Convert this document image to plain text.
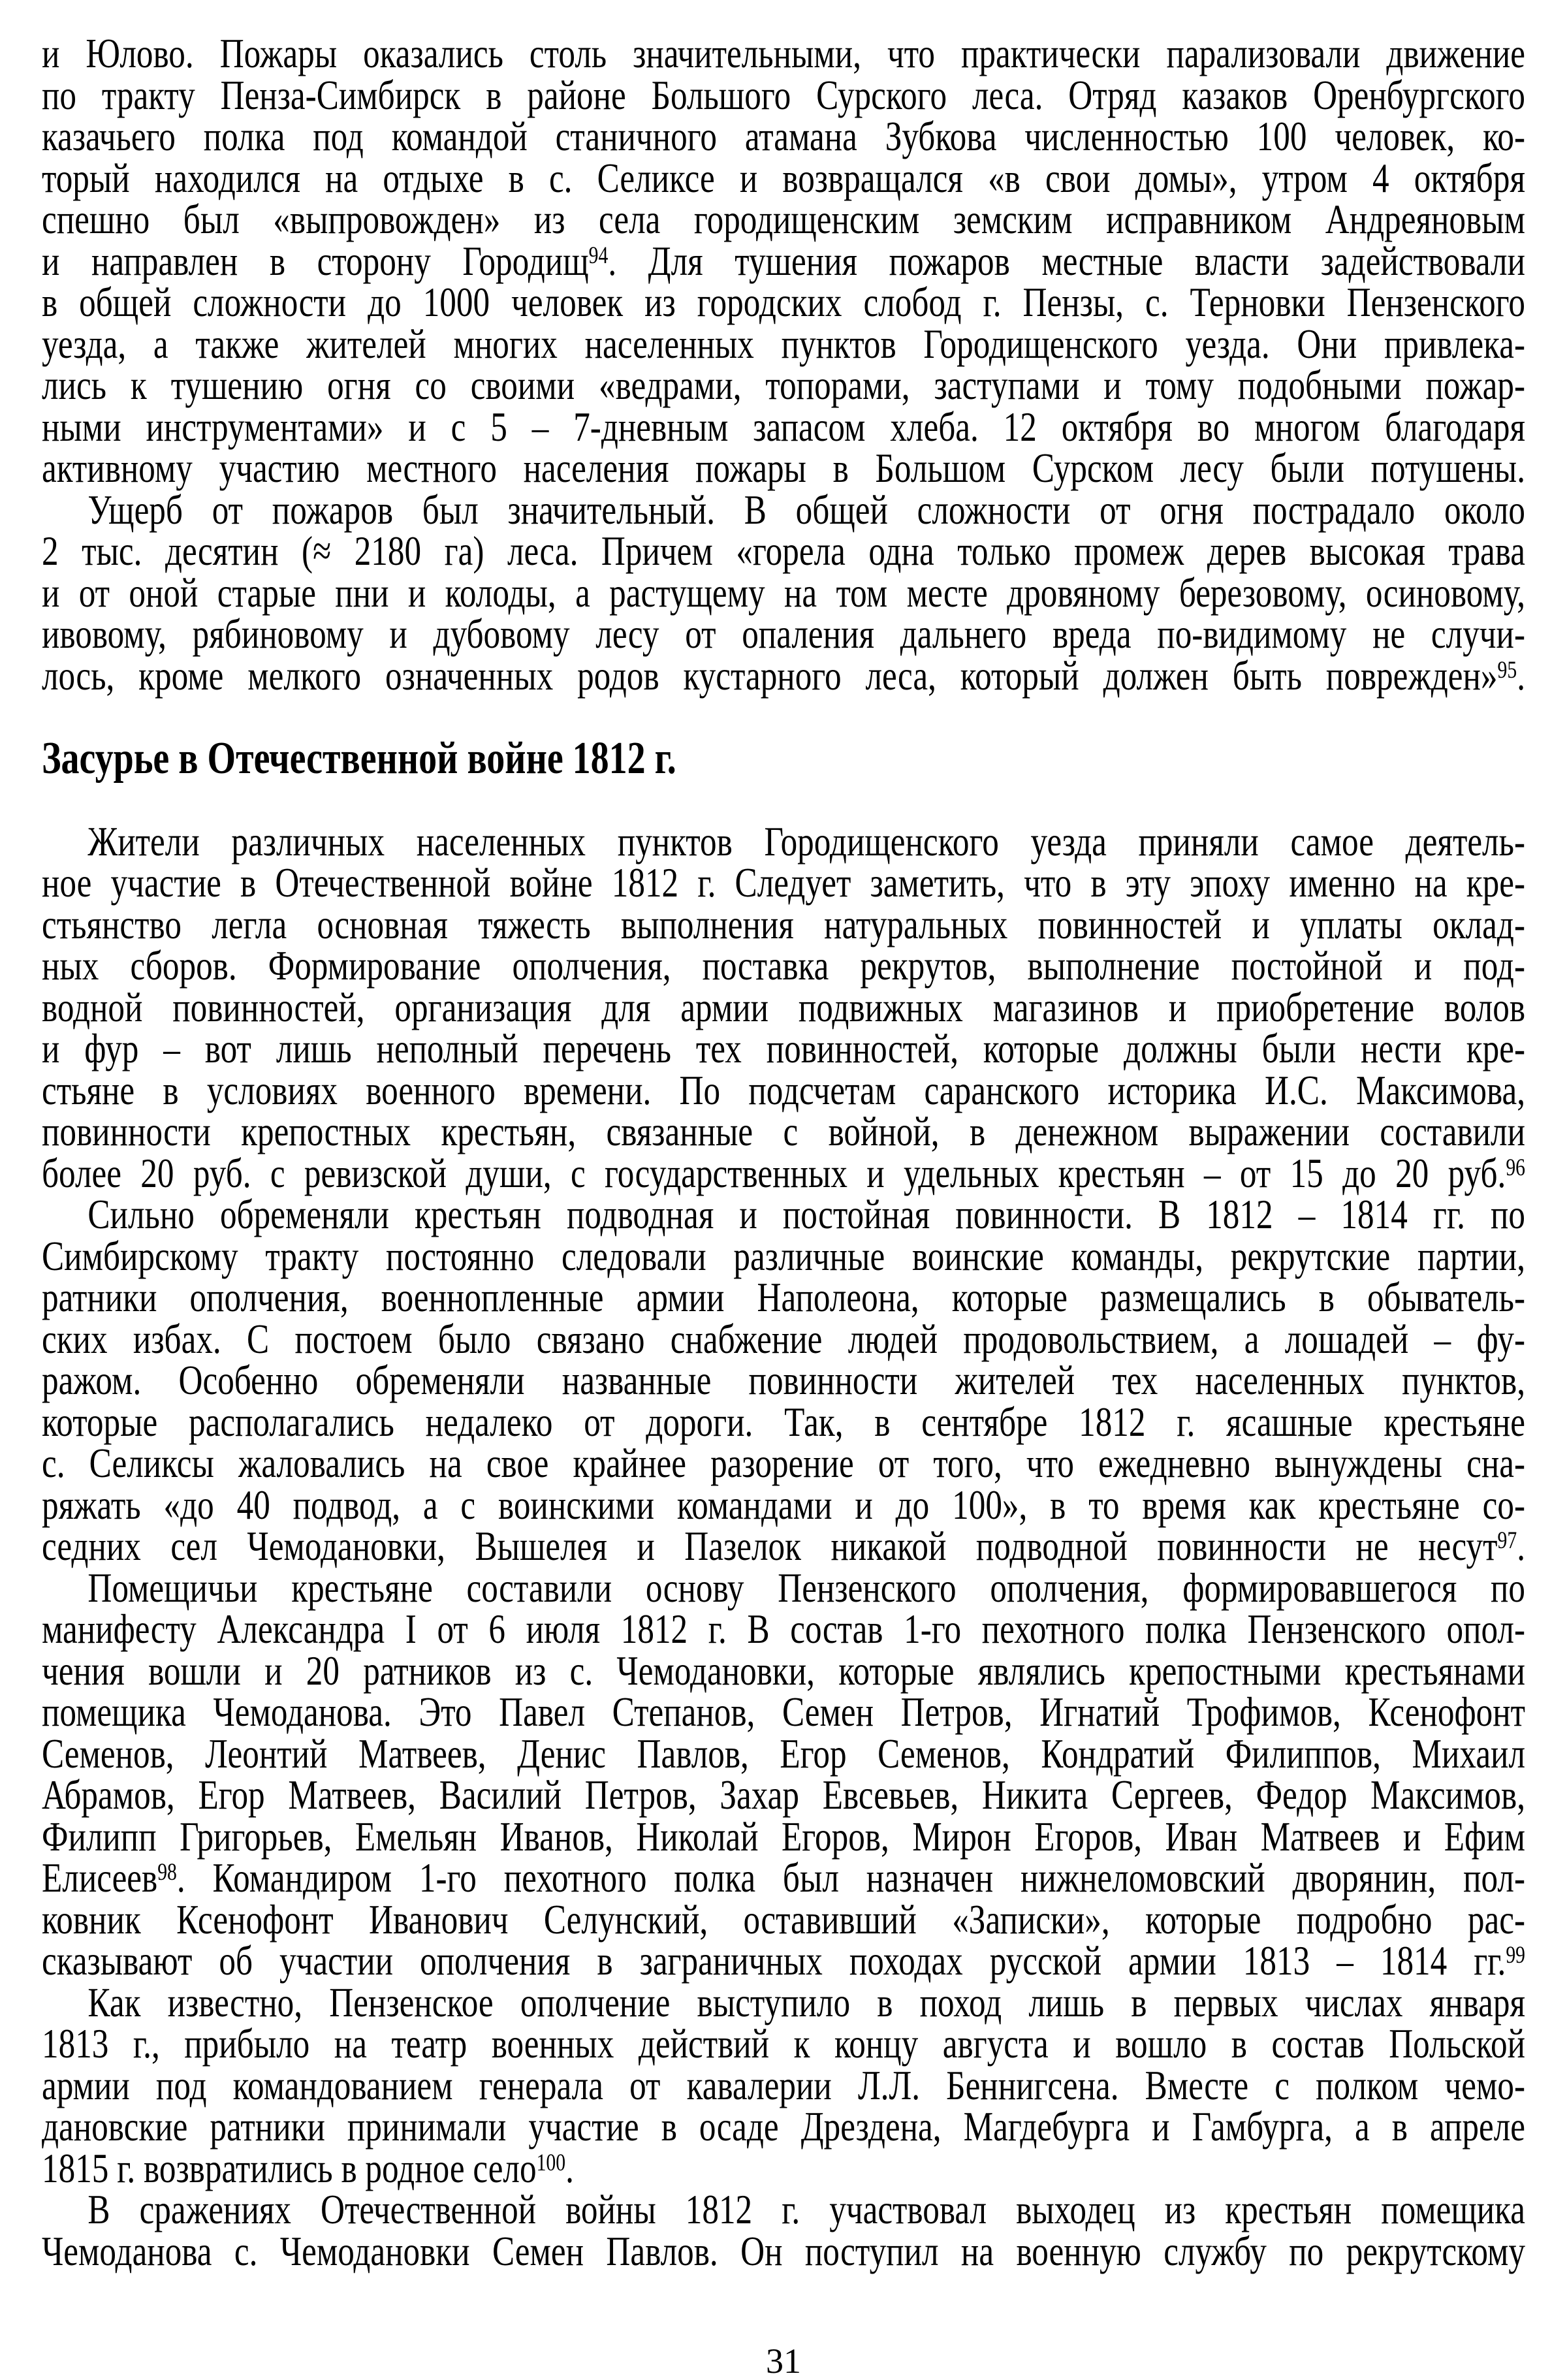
и Юлово. Пожары оказались столь значительными, что практически парализовали движение
по тракту Пенза-Симбирск в районе Большого Сурского леса. Отряд казаков Оренбургского
казачьего полка под командой станичного атамана Зубкова численностью 100 человек, ко-
торый находился на отдыхе в с. Селиксе и возвращался «в свои домы», утром 4 октября
спешно был «выпровожден» из села городищенским земским исправником Андреяновым
и направлен в сторону Городищ$^{94}$. Для тушения пожаров местные власти задействовали
в общей сложности до 1000 человек из городских слобод г. Пензы, с. Терновки Пензенского
уезда, а также жителей многих населенных пунктов Городищенского уезда. Они привлека-
лись к тушению огня со своими «ведрами, топорами, заступами и тому подобными пожар-
ными инструментами» и с 5 – 7-дневным запасом хлеба. 12 октября во многом благодаря
активному участию местного населения пожары в Большом Сурском лесу были потушены.
Ущерб от пожаров был значительный. В общей сложности от огня пострадало около
2 тыс. десятин (≈ 2180 га) леса. Причем «горела одна только промеж дерев высокая трава
и от оной старые пни и колоды, а растущему на том месте дровяному березовому, осиновому,
ивовому, рябиновому и дубовому лесу от опаления дальнего вреда по-видимому не случи-
лось, кроме мелкого означенных родов кустарного леса, который должен быть поврежден»$^{95}$.
Засурье в Отечественной войне 1812 г.
Жители различных населенных пунктов Городищенского уезда приняли самое деятель-
ное участие в Отечественной войне 1812 г. Следует заметить, что в эту эпоху именно на кре-
стьянство легла основная тяжесть выполнения натуральных повинностей и уплаты оклад-
ных сборов. Формирование ополчения, поставка рекрутов, выполнение постойной и под-
водной повинностей, организация для армии подвижных магазинов и приобретение волов
и фур – вот лишь неполный перечень тех повинностей, которые должны были нести кре-
стьяне в условиях военного времени. По подсчетам саранского историка И.С. Максимова,
повинности крепостных крестьян, связанные с войной, в денежном выражении составили
более 20 руб. с ревизской души, с государственных и удельных крестьян – от 15 до 20 руб.$^{96}$
Сильно обременяли крестьян подводная и постойная повинности. В 1812 – 1814 гг. по
Симбирскому тракту постоянно следовали различные воинские команды, рекрутские партии,
ратники ополчения, военнопленные армии Наполеона, которые размещались в обыватель-
ских избах. С постоем было связано снабжение людей продовольствием, а лошадей – фу-
ражом. Особенно обременяли названные повинности жителей тех населенных пунктов,
которые располагались недалеко от дороги. Так, в сентябре 1812 г. ясашные крестьяне
с. Селиксы жаловались на свое крайнее разорение от того, что ежедневно вынуждены сна-
ряжать «до 40 подвод, а с воинскими командами и до 100», в то время как крестьяне со-
седних сел Чемодановки, Вышелея и Пазелок никакой подводной повинности не несут$^{97}$.
Помещичьи крестьяне составили основу Пензенского ополчения, формировавшегося по
манифесту Александра I от 6 июля 1812 г. В состав 1-го пехотного полка Пензенского опол-
чения вошли и 20 ратников из с. Чемодановки, которые являлись крепостными крестьянами
помещика Чемоданова. Это Павел Степанов, Семен Петров, Игнатий Трофимов, Ксенофонт
Семенов, Леонтий Матвеев, Денис Павлов, Егор Семенов, Кондратий Филиппов, Михаил
Абрамов, Егор Матвеев, Василий Петров, Захар Евсевьев, Никита Сергеев, Федор Максимов,
Филипп Григорьев, Емельян Иванов, Николай Егоров, Мирон Егоров, Иван Матвеев и Ефим
Елисеев$^{98}$. Командиром 1-го пехотного полка был назначен нижнеломовский дворянин, пол-
ковник Ксенофонт Иванович Селунский, оставивший «Записки», которые подробно рас-
сказывают об участии ополчения в заграничных походах русской армии 1813 – 1814 гг.$^{99}$
Как известно, Пензенское ополчение выступило в поход лишь в первых числах января
1813 г., прибыло на театр военных действий к концу августа и вошло в состав Польской
армии под командованием генерала от кавалерии Л.Л. Беннигсена. Вместе с полком чемо-
дановские ратники принимали участие в осаде Дрездена, Магдебурга и Гамбурга, а в апреле
1815 г. возвратились в родное село$^{100}$.
В сражениях Отечественной войны 1812 г. участвовал выходец из крестьян помещика
Чемоданова с. Чемодановки Семен Павлов. Он поступил на военную службу по рекрутскому
31
